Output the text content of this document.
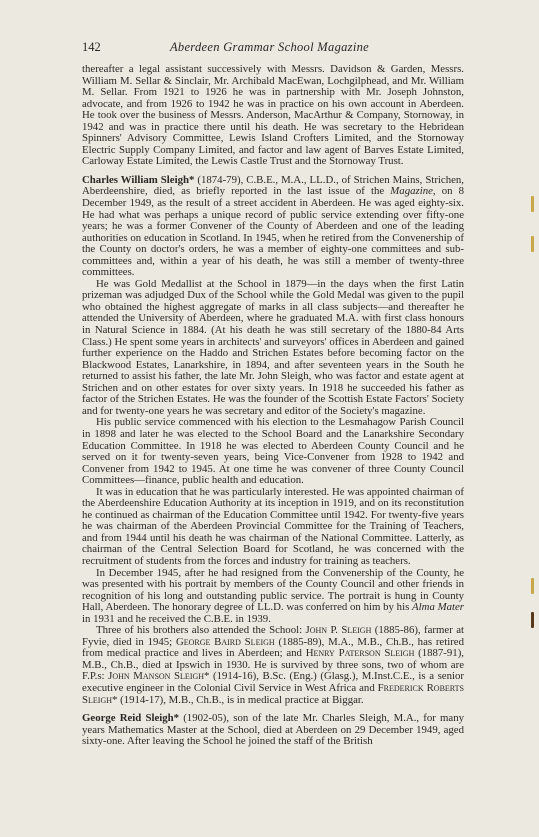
142	Aberdeen Grammar School Magazine

thereafter a legal assistant successively with Messrs. Davidson & Garden, Messrs. William M. Sellar & Sinclair, Mr. Archibald MacEwan, Lochgilphead, and Mr. William M. Sellar. From 1921 to 1926 he was in partnership with Mr. Joseph Johnston, advocate, and from 1926 to 1942 he was in practice on his own account in Aberdeen. He took over the business of Messrs. Anderson, MacArthur & Company, Stornoway, in 1942 and was in practice there until his death. He was secretary to the Hebridean Spinners' Advisory Committee, Lewis Island Crofters Limited, and the Stornoway Electric Supply Company Limited, and factor and law agent of Barves Estate Limited, Carloway Estate Limited, the Lewis Castle Trust and the Stornoway Trust.

Charles William Sleigh* (1874-79), C.B.E., M.A., LL.D., of Strichen Mains, Strichen, Aberdeenshire, died, as briefly reported in the last issue of the Magazine, on 8 December 1949, as the result of a street accident in Aberdeen. He was aged eighty-six. He had what was perhaps a unique record of public service extending over fifty-one years; he was a former Convener of the County of Aberdeen and one of the leading authorities on education in Scotland. In 1945, when he retired from the Convenership of the County on doctor's orders, he was a member of eighty-one committees and sub-committees and, within a year of his death, he was still a member of twenty-three committees.

He was Gold Medallist at the School in 1879—in the days when the first Latin prizeman was adjudged Dux of the School while the Gold Medal was given to the pupil who obtained the highest aggregate of marks in all class subjects—and thereafter he attended the University of Aberdeen, where he graduated M.A. with first class honours in Natural Science in 1884. (At his death he was still secretary of the 1880-84 Arts Class.) He spent some years in architects' and surveyors' offices in Aberdeen and gained further experience on the Haddo and Strichen Estates before becoming factor on the Blackwood Estates, Lanarkshire, in 1894, and after seventeen years in the South he returned to assist his father, the late Mr. John Sleigh, who was factor and estate agent at Strichen and on other estates for over sixty years. In 1918 he succeeded his father as factor of the Strichen Estates. He was the founder of the Scottish Estate Factors' Society and for twenty-one years he was secretary and editor of the Society's magazine.

His public service commenced with his election to the Lesmahagow Parish Council in 1898 and later he was elected to the School Board and the Lanarkshire Secondary Education Committee. In 1918 he was elected to Aberdeen County Council and he served on it for twenty-seven years, being Vice-Convener from 1928 to 1942 and Convener from 1942 to 1945. At one time he was convener of three County Council Committees—finance, public health and education.

It was in education that he was particularly interested. He was appointed chairman of the Aberdeenshire Education Authority at its inception in 1919, and on its reconstitution he continued as chairman of the Education Committee until 1942. For twenty-five years he was chairman of the Aberdeen Provincial Committee for the Training of Teachers, and from 1944 until his death he was chairman of the National Committee. Latterly, as chairman of the Central Selection Board for Scotland, he was concerned with the recruitment of students from the forces and industry for training as teachers.

In December 1945, after he had resigned from the Convenership of the County, he was presented with his portrait by members of the County Council and other friends in recognition of his long and outstanding public service. The portrait is hung in County Hall, Aberdeen. The honorary degree of LL.D. was conferred on him by his Alma Mater in 1931 and he received the C.B.E. in 1939.

Three of his brothers also attended the School: John P. Sleigh (1885-86), farmer at Fyvie, died in 1945; George Baird Sleigh (1885-89), M.A., M.B., Ch.B., has retired from medical practice and lives in Aberdeen; and Henry Paterson Sleigh (1887-91), M.B., Ch.B., died at Ipswich in 1930. He is survived by three sons, two of whom are F.P.s: John Manson Sleigh* (1914-16), B.Sc. (Eng.) (Glasg.), M.Inst.C.E., is a senior executive engineer in the Colonial Civil Service in West Africa and Frederick Roberts Sleigh* (1914-17), M.B., Ch.B., is in medical practice at Biggar.

George Reid Sleigh* (1902-05), son of the late Mr. Charles Sleigh, M.A., for many years Mathematics Master at the School, died at Aberdeen on 29 December 1949, aged sixty-one. After leaving the School he joined the staff of the British
